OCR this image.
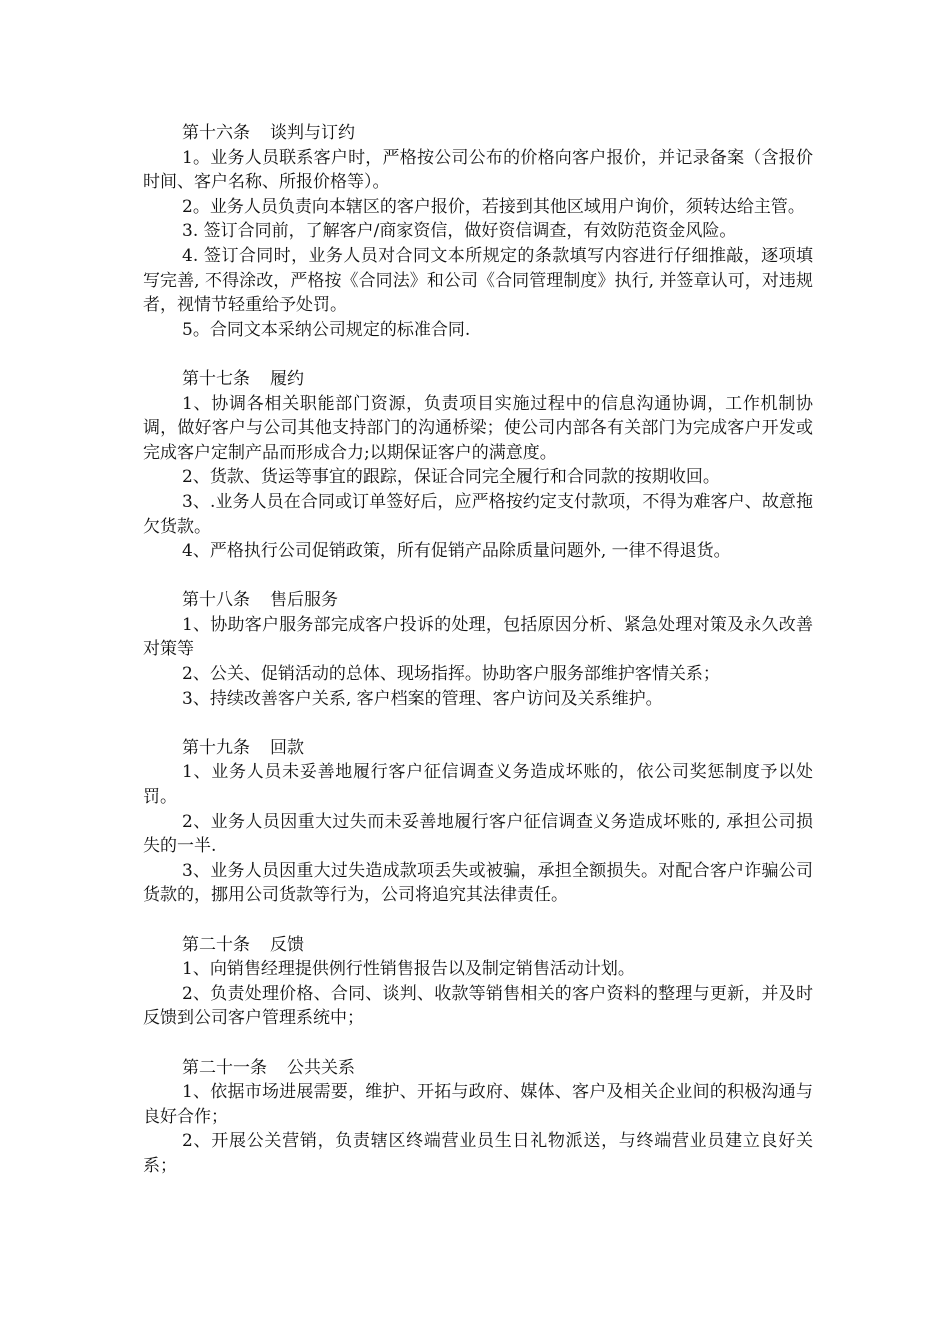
第十六条 谈判与订约

1。业务人员联系客户时，严格按公司公布的价格向客户报价，并记录备案（含报价时间、客户名称、所报价格等）。

2。业务人员负责向本辖区的客户报价，若接到其他区域用户询价，须转达给主管。

3. 签订合同前，了解客户/商家资信，做好资信调查，有效防范资金风险。

4. 签订合同时，业务人员对合同文本所规定的条款填写内容进行仔细推敲，逐项填写完善, 不得涂改，严格按《合同法》和公司《合同管理制度》执行, 并签章认可，对违规者，视情节轻重给予处罚。

5。合同文本采纳公司规定的标准合同.

第十七条 履约

1、协调各相关职能部门资源，负责项目实施过程中的信息沟通协调，工作机制协调，做好客户与公司其他支持部门的沟通桥梁；使公司内部各有关部门为完成客户开发或完成客户定制产品而形成合力;以期保证客户的满意度。

2、货款、货运等事宜的跟踪，保证合同完全履行和合同款的按期收回。

3、.业务人员在合同或订单签好后，应严格按约定支付款项，不得为难客户、故意拖欠货款。

4、严格执行公司促销政策，所有促销产品除质量问题外, 一律不得退货。

第十八条 售后服务

1、协助客户服务部完成客户投诉的处理，包括原因分析、紧急处理对策及永久改善对策等

2、公关、促销活动的总体、现场指挥。协助客户服务部维护客情关系；

3、持续改善客户关系, 客户档案的管理、客户访问及关系维护。

第十九条 回款

1、业务人员未妥善地履行客户征信调查义务造成坏账的，依公司奖惩制度予以处罚。

2、业务人员因重大过失而未妥善地履行客户征信调查义务造成坏账的, 承担公司损失的一半.

3、业务人员因重大过失造成款项丢失或被骗，承担全额损失。对配合客户诈骗公司货款的，挪用公司货款等行为，公司将追究其法律责任。

第二十条 反馈

1、向销售经理提供例行性销售报告以及制定销售活动计划。

2、负责处理价格、合同、谈判、收款等销售相关的客户资料的整理与更新，并及时反馈到公司客户管理系统中；

第二十一条 公共关系

1、依据市场进展需要，维护、开拓与政府、媒体、客户及相关企业间的积极沟通与良好合作；

2、开展公关营销，负责辖区终端营业员生日礼物派送，与终端营业员建立良好关系；
